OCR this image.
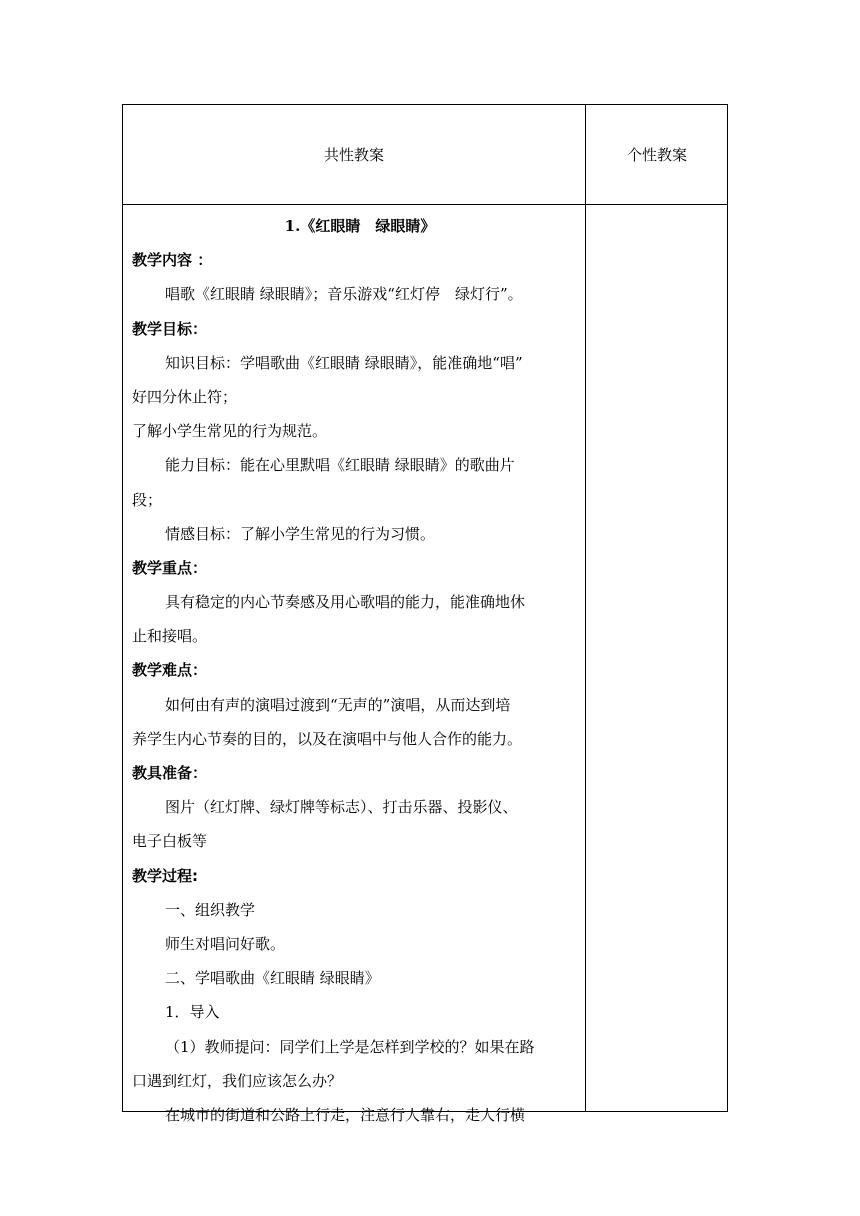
共性教案	个性教案
1.《红眼睛　绿眼睛》
教学内容 ：
唱歌《红眼睛 绿眼睛》；音乐游戏“红灯停　绿灯行”。
教学目标：
知识目标：学唱歌曲《红眼睛 绿眼睛》，能准确地“唱”
好四分休止符；
了解小学生常见的行为规范。
能力目标：能在心里默唱《红眼睛 绿眼睛》的歌曲片
段；
情感目标：了解小学生常见的行为习惯。
教学重点：
具有稳定的内心节奏感及用心歌唱的能力，能准确地休
止和接唱。
教学难点：
如何由有声的演唱过渡到“无声的”演唱，从而达到培
养学生内心节奏的目的，以及在演唱中与他人合作的能力。
教具准备：
图片（红灯牌、绿灯牌等标志）、打击乐器、投影仪、
电子白板等
教学过程:
一、组织教学
师生对唱问好歌。
二、学唱歌曲《红眼睛 绿眼睛》
1．导入
（1）教师提问：同学们上学是怎样到学校的？如果在路
口遇到红灯，我们应该怎么办？
在城市的街道和公路上行走，注意行人靠右，走人行横
